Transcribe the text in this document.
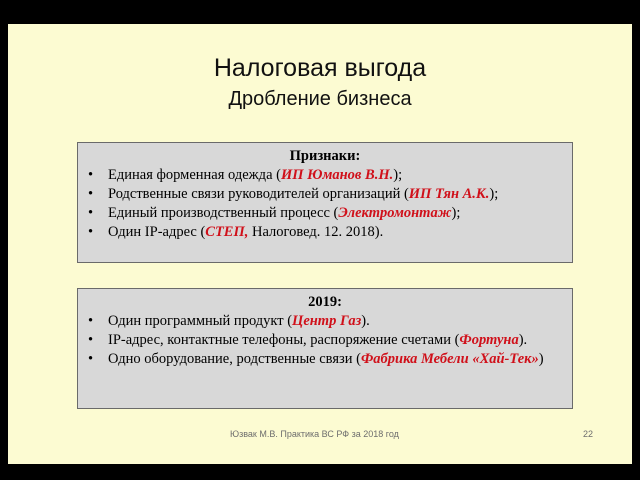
Налоговая выгода
Дробление бизнеса

Признаки:

• Единая форменная одежда (ИП Юманов В.Н.);
• Родственные связи руководителей организаций (ИП Тян А.К.);
• Единый производственный процесс (Электромонтаж);
• Один IP-адрес (СТЕП, Налоговед. 12. 2018).

2019:

• Один программный продукт (Центр Газ).
• IP-адрес, контактные телефоны, распоряжение счетами (Фортуна).
• Одно оборудование, родственные связи (Фабрика Мебели «Хай-Тек»)
Юзвак М.В. Практика ВС РФ за 2018 год	22
